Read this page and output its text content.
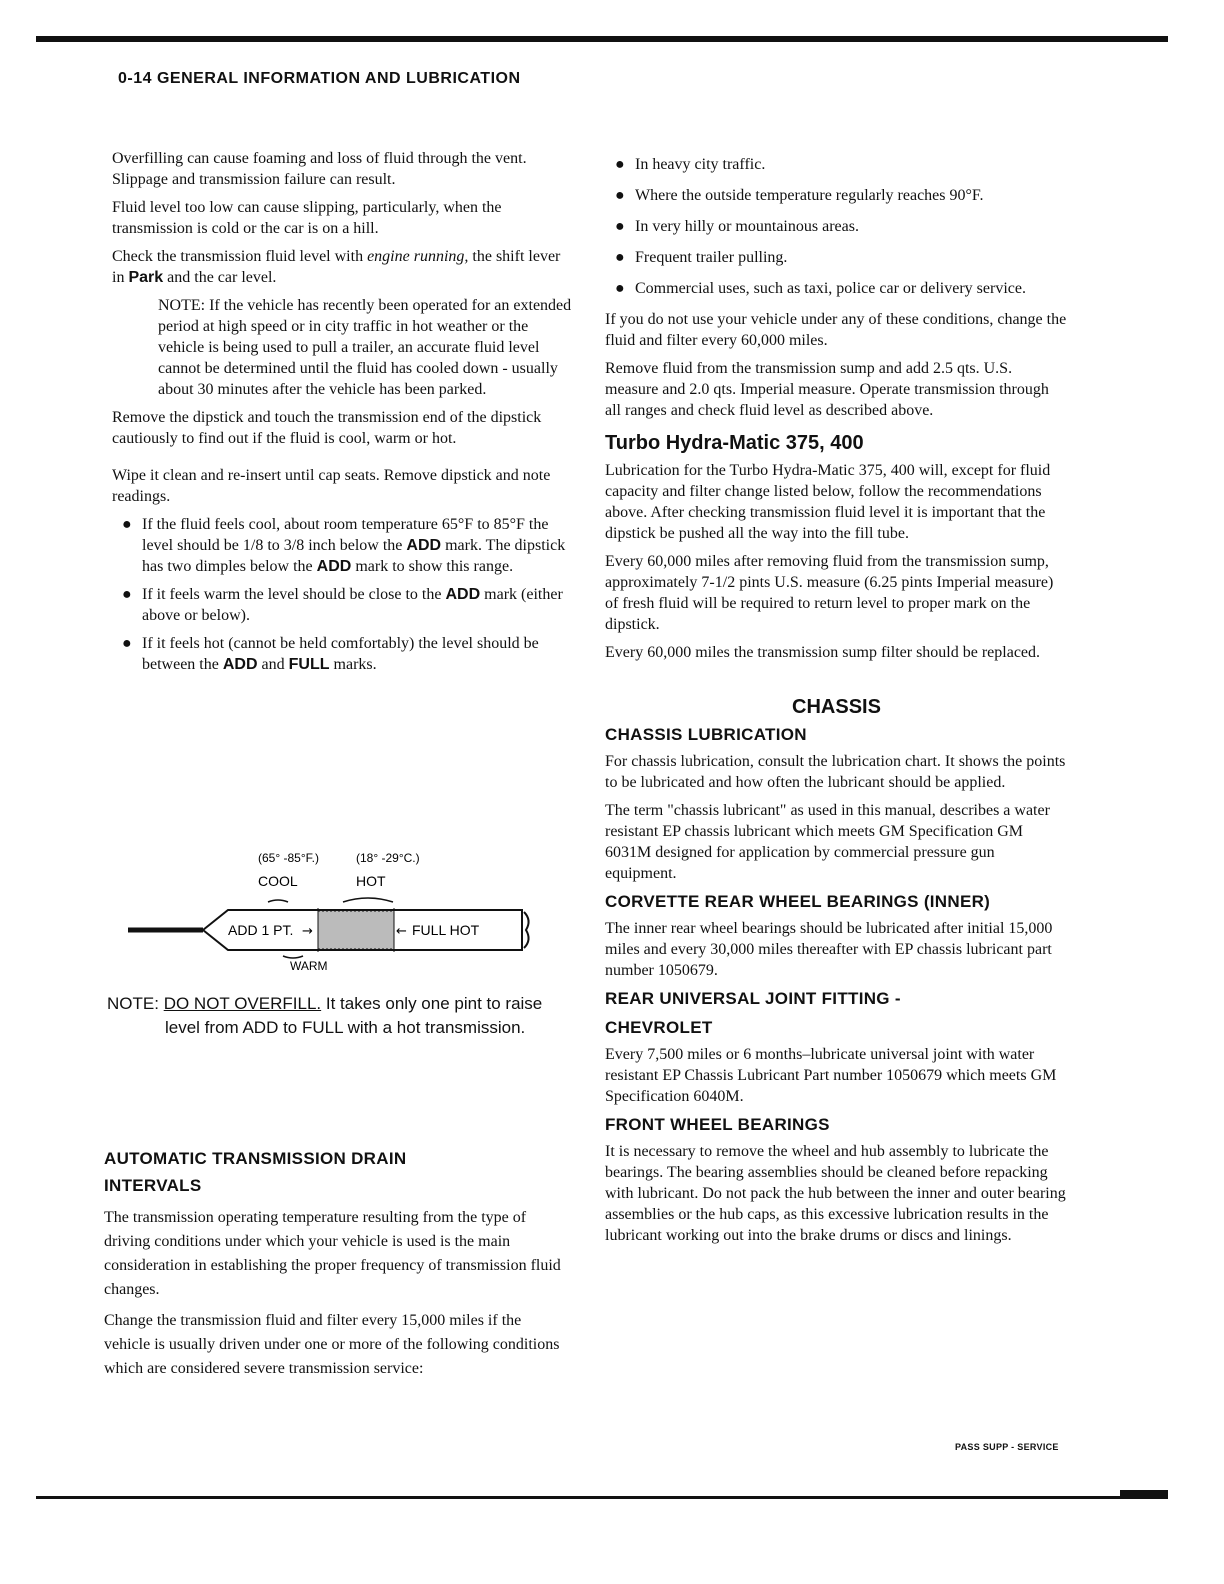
0-14 GENERAL INFORMATION AND LUBRICATION

Overfilling can cause foaming and loss of fluid through the vent. Slippage and transmission failure can result.

Fluid level too low can cause slipping, particularly, when the transmission is cold or the car is on a hill.

Check the transmission fluid level with engine running, the shift lever in Park and the car level.

NOTE: If the vehicle has recently been operated for an extended period at high speed or in city traffic in hot weather or the vehicle is being used to pull a trailer, an accurate fluid level cannot be determined until the fluid has cooled down - usually about 30 minutes after the vehicle has been parked.

Remove the dipstick and touch the transmission end of the dipstick cautiously to find out if the fluid is cool, warm or hot.

Wipe it clean and re-insert until cap seats. Remove dipstick and note readings.

● If the fluid feels cool, about room temperature 65°F to 85°F the level should be 1/8 to 3/8 inch below the ADD mark. The dipstick has two dimples below the ADD mark to show this range.
● If it feels warm the level should be close to the ADD mark (either above or below).
● If it feels hot (cannot be held comfortably) the level should be between the ADD and FULL marks.
(65° -85°F.)	(18° -29°C.)
COOL	HOT
ADD 1 PT. →	← FULL HOT
WARM
NOTE: DO NOT OVERFILL. It takes only one pint to raise
level from ADD to FULL with a hot transmission.
AUTOMATIC TRANSMISSION DRAIN
INTERVALS

The transmission operating temperature resulting from the type of driving conditions under which your vehicle is used is the main consideration in establishing the proper frequency of transmission fluid changes.

Change the transmission fluid and filter every 15,000 miles if the vehicle is usually driven under one or more of the following conditions which are considered severe transmission service:

● In heavy city traffic.
● Where the outside temperature regularly reaches 90°F.
● In very hilly or mountainous areas.
● Frequent trailer pulling.
● Commercial uses, such as taxi, police car or delivery service.

If you do not use your vehicle under any of these conditions, change the fluid and filter every 60,000 miles.

Remove fluid from the transmission sump and add 2.5 qts. U.S. measure and 2.0 qts. Imperial measure. Operate transmission through all ranges and check fluid level as described above.

Turbo Hydra-Matic 375, 400

Lubrication for the Turbo Hydra-Matic 375, 400 will, except for fluid capacity and filter change listed below, follow the recommendations above. After checking transmission fluid level it is important that the dipstick be pushed all the way into the fill tube.

Every 60,000 miles after removing fluid from the transmission sump, approximately 7-1/2 pints U.S. measure (6.25 pints Imperial measure) of fresh fluid will be required to return level to proper mark on the dipstick.

Every 60,000 miles the transmission sump filter should be replaced.

CHASSIS
CHASSIS LUBRICATION

For chassis lubrication, consult the lubrication chart. It shows the points to be lubricated and how often the lubricant should be applied.

The term "chassis lubricant" as used in this manual, describes a water resistant EP chassis lubricant which meets GM Specification GM 6031M designed for application by commercial pressure gun equipment.

CORVETTE REAR WHEEL BEARINGS (INNER)

The inner rear wheel bearings should be lubricated after initial 15,000 miles and every 30,000 miles thereafter with EP chassis lubricant part number 1050679.

REAR UNIVERSAL JOINT FITTING -
CHEVROLET

Every 7,500 miles or 6 months–lubricate universal joint with water resistant EP Chassis Lubricant Part number 1050679 which meets GM Specification 6040M.

FRONT WHEEL BEARINGS

It is necessary to remove the wheel and hub assembly to lubricate the bearings. The bearing assemblies should be cleaned before repacking with lubricant. Do not pack the hub between the inner and outer bearing assemblies or the hub caps, as this excessive lubrication results in the lubricant working out into the brake drums or discs and linings.

PASS SUPP - SERVICE
